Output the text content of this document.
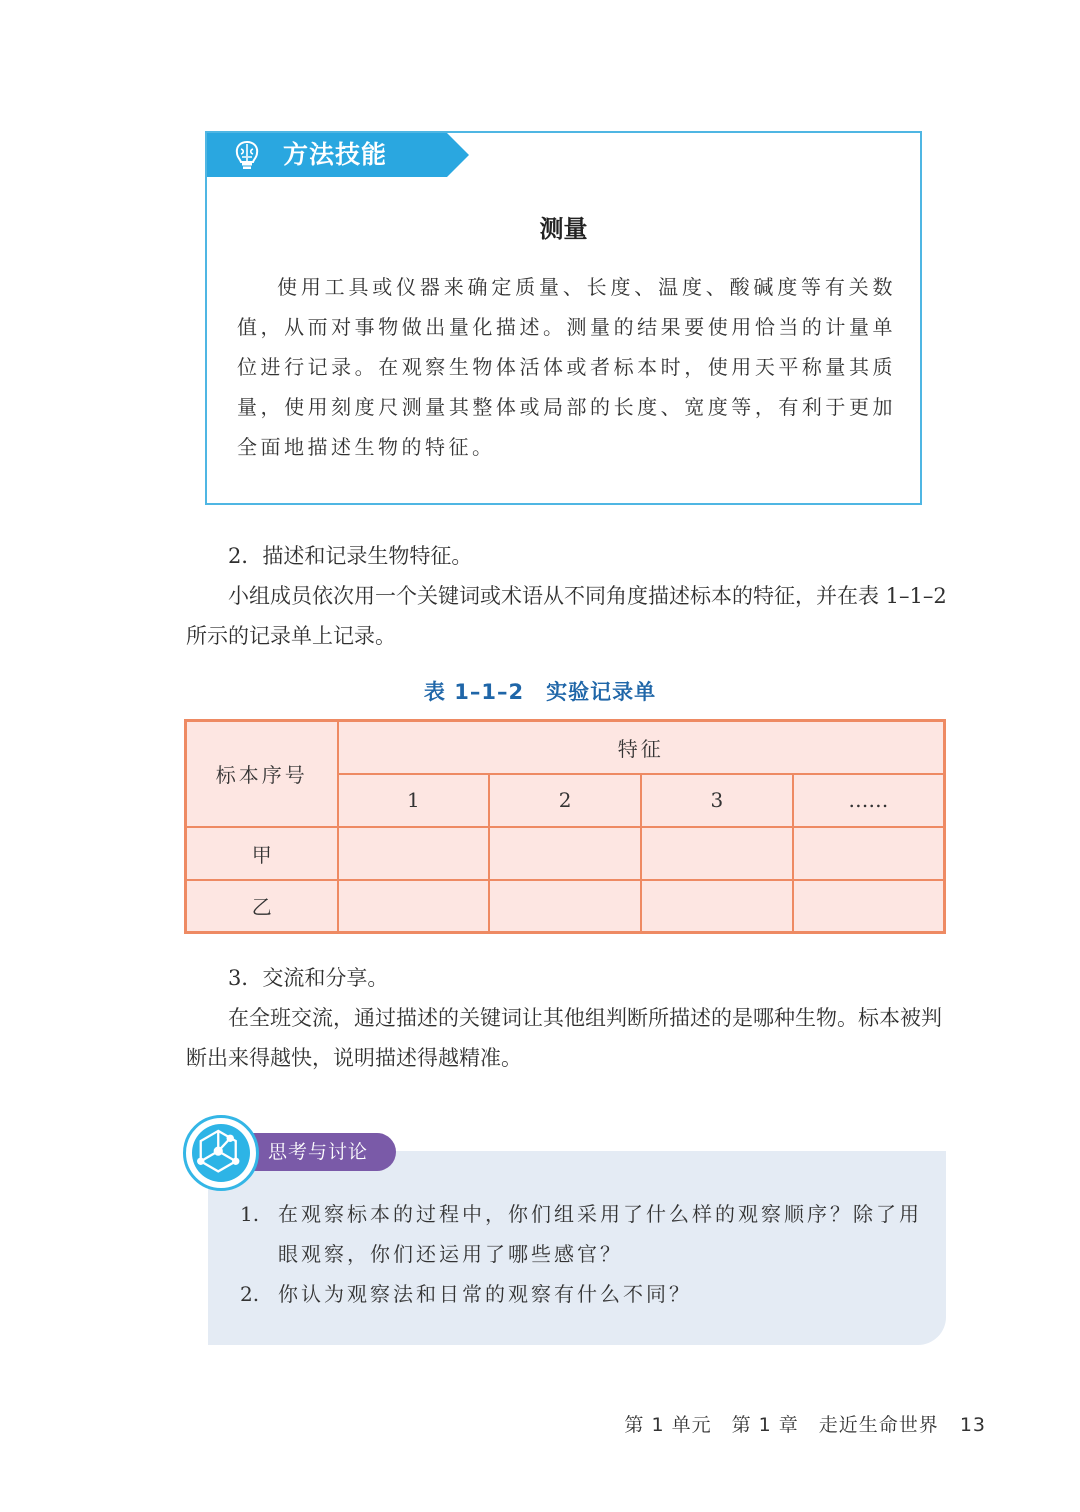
方法技能
测量
使用工具或仪器来确定质量、长度、温度、酸碱度等有关数值，从而对事物做出量化描述。测量的结果要使用恰当的计量单位进行记录。在观察生物体活体或者标本时，使用天平称量其质量，使用刻度尺测量其整体或局部的长度、宽度等，有利于更加全面地描述生物的特征。
2．描述和记录生物特征。
小组成员依次用一个关键词或术语从不同角度描述标本的特征，并在表 1–1–2 所示的记录单上记录。
表 1–1–2　实验记录单
标本序号	特征			
	1	2	3	……
甲				
乙				
3．交流和分享。
在全班交流，通过描述的关键词让其他组判断所描述的是哪种生物。标本被判断出来得越快，说明描述得越精准。
思考与讨论
1. 在观察标本的过程中，你们组采用了什么样的观察顺序？除了用眼观察，你们还运用了哪些感官？
2. 你认为观察法和日常的观察有什么不同？
第 1 单元　第 1 章　走近生命世界 13
